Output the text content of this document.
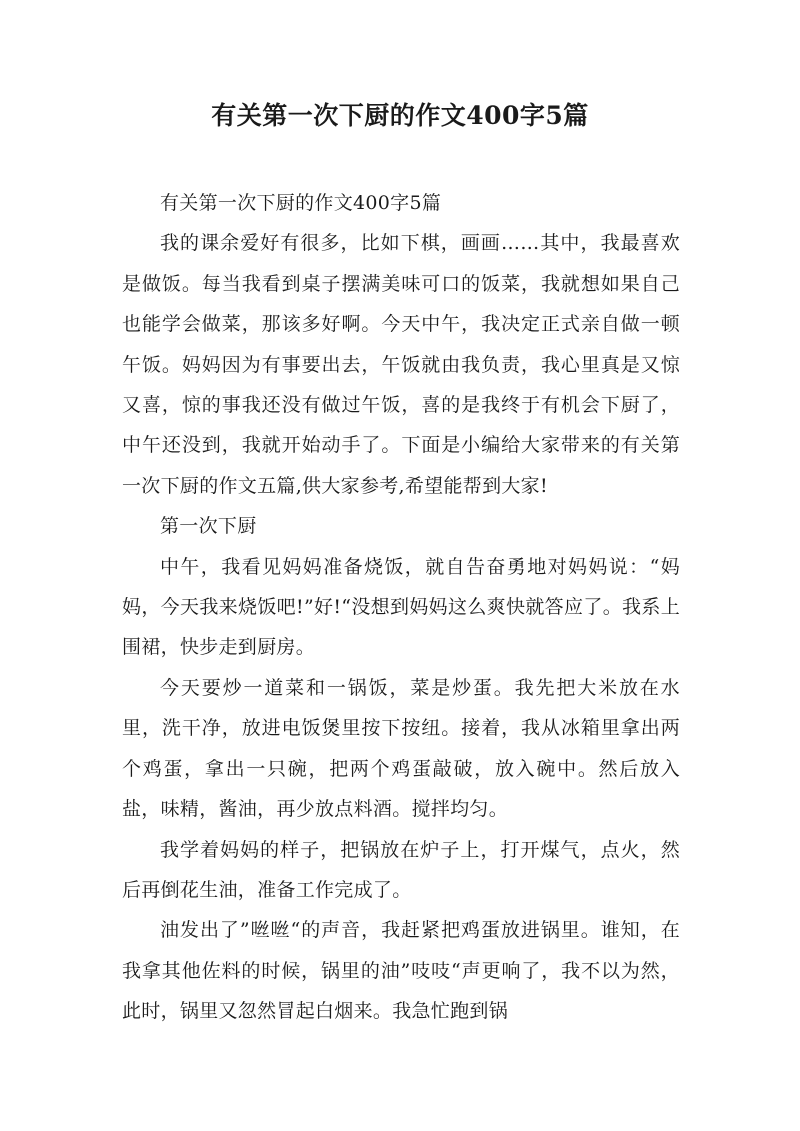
有关第一次下厨的作文400字5篇

有关第一次下厨的作文400字5篇

我的课余爱好有很多，比如下棋，画画……其中，我最喜欢是做饭。每当我看到桌子摆满美味可口的饭菜，我就想如果自己也能学会做菜，那该多好啊。今天中午，我决定正式亲自做一顿午饭。妈妈因为有事要出去，午饭就由我负责，我心里真是又惊又喜，惊的事我还没有做过午饭，喜的是我终于有机会下厨了，中午还没到，我就开始动手了。下面是小编给大家带来的有关第一次下厨的作文五篇,供大家参考,希望能帮到大家!

第一次下厨

中午，我看见妈妈准备烧饭，就自告奋勇地对妈妈说：“妈妈，今天我来烧饭吧!”好!“没想到妈妈这么爽快就答应了。我系上围裙，快步走到厨房。

今天要炒一道菜和一锅饭，菜是炒蛋。我先把大米放在水里，洗干净，放进电饭煲里按下按纽。接着，我从冰箱里拿出两个鸡蛋，拿出一只碗，把两个鸡蛋敲破，放入碗中。然后放入盐，味精，酱油，再少放点料酒。搅拌均匀。

我学着妈妈的样子，把锅放在炉子上，打开煤气，点火，然后再倒花生油，准备工作完成了。

油发出了”咝咝“的声音，我赶紧把鸡蛋放进锅里。谁知，在我拿其他佐料的时候，锅里的油”吱吱“声更响了，我不以为然，此时，锅里又忽然冒起白烟来。我急忙跑到锅
